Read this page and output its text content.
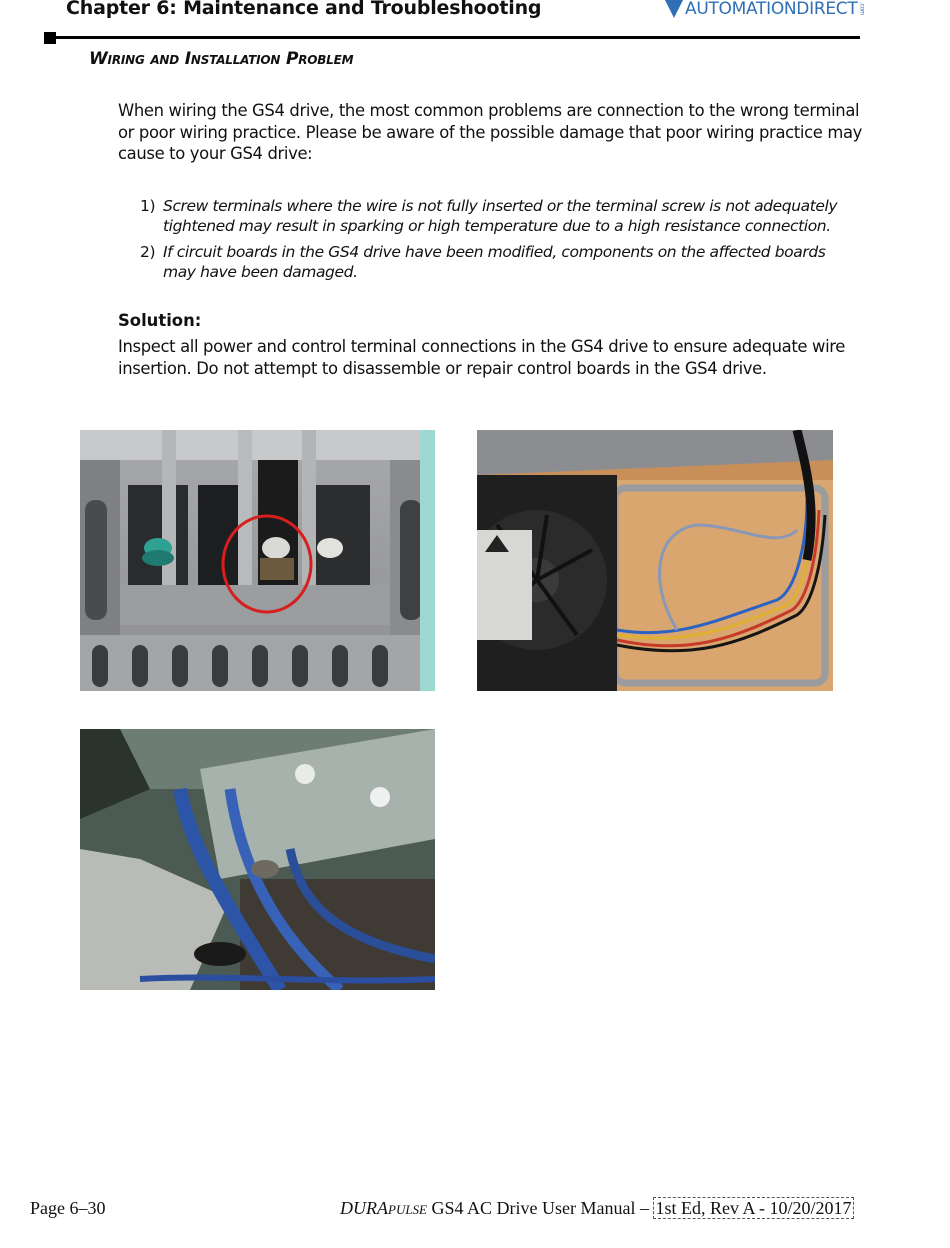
Chapter 6: Maintenance and Troubleshooting	AUTOMATIONDIRECT .com
Wiring and Installation Problem
When wiring the GS4 drive, the most common problems are connection to the wrong terminal or poor wiring practice. Please be aware of the possible damage that poor wiring practice may cause to your GS4 drive:
1) Screw terminals where the wire is not fully inserted or the terminal screw is not adequately tightened may result in sparking or high temperature due to a high resistance connection.
2) If circuit boards in the GS4 drive have been modified, components on the affected boards may have been damaged.
Solution:
Inspect all power and control terminal connections in the GS4 drive to ensure adequate wire insertion. Do not attempt to disassemble or repair control boards in the GS4 drive.
Page 6–30	DURAPULSE GS4 AC Drive User Manual – 1st Ed, Rev A - 10/20/2017
